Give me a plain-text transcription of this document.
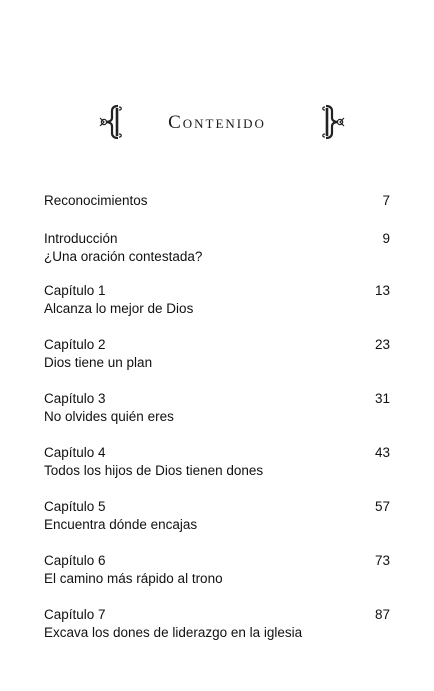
Contenido
Reconocimientos	7
Introducción
¿Una oración contestada?
9
Capítulo 1
Alcanza lo mejor de Dios
13
Capítulo 2
Dios tiene un plan
23
Capítulo 3
No olvides quién eres
31
Capítulo 4
Todos los hijos de Dios tienen dones
43
Capítulo 5
Encuentra dónde encajas
57
Capítulo 6
El camino más rápido al trono
73
Capítulo 7
Excava los dones de liderazgo en la iglesia
87
